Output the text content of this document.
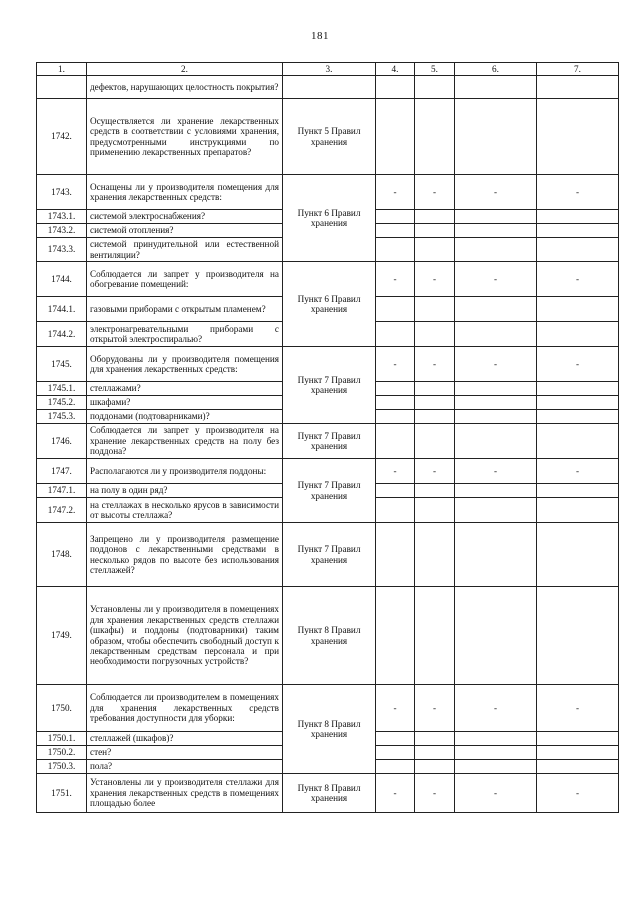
181
1.	2.	3.	4.	5.	6.	7.
	дефектов, нарушающих целостность покрытия?					
1742.	Осуществляется ли хранение лекарственных средств в соответствии с условиями хранения, предусмотренными инструкциями по применению лекарственных препаратов?	Пункт 5 Правил хранения				
1743.	Оснащены ли у производителя помещения для хранения лекарственных средств:	Пункт 6 Правил хранения	-	-	-	-
1743.1.	системой электроснабжения?					
1743.2.	системой отопления?					
1743.3.	системой принудительной или естественной вентиляции?					
1744.	Соблюдается ли запрет у производителя на обогревание помещений:	Пункт 6 Правил хранения	-	-	-	-
1744.1.	газовыми приборами с открытым пламенем?					
1744.2.	электронагревательными приборами с открытой электроспиралью?					
1745.	Оборудованы ли у производителя помещения для хранения лекарственных средств:	Пункт 7 Правил хранения	-	-	-	-
1745.1.	стеллажами?					
1745.2.	шкафами?					
1745.3.	поддонами (подтоварниками)?					
1746.	Соблюдается ли запрет у производителя на хранение лекарственных средств на полу без поддона?	Пункт 7 Правил хранения				
1747.	Располагаются ли у производителя поддоны:	Пункт 7 Правил хранения	-	-	-	-
1747.1.	на полу в один ряд?					
1747.2.	на стеллажах в несколько ярусов в зависимости от высоты стеллажа?					
1748.	Запрещено ли у производителя размещение поддонов с лекарственными средствами в несколько рядов по высоте без использования стеллажей?	Пункт 7 Правил хранения				
1749.	Установлены ли у производителя в помещениях для хранения лекарственных средств стеллажи (шкафы) и поддоны (подтоварники) таким образом, чтобы обеспечить свободный доступ к лекарственным средствам персонала и при необходимости погрузочных устройств?	Пункт 8 Правил хранения				
1750.	Соблюдается ли производителем в помещениях для хранения лекарственных средств требования доступности для уборки:	Пункт 8 Правил хранения	-	-	-	-
1750.1.	стеллажей (шкафов)?					
1750.2.	стен?					
1750.3.	пола?					
1751.	Установлены ли у производителя стеллажи для хранения лекарственных средств в помещениях площадью более	Пункт 8 Правил хранения	-	-	-	-
